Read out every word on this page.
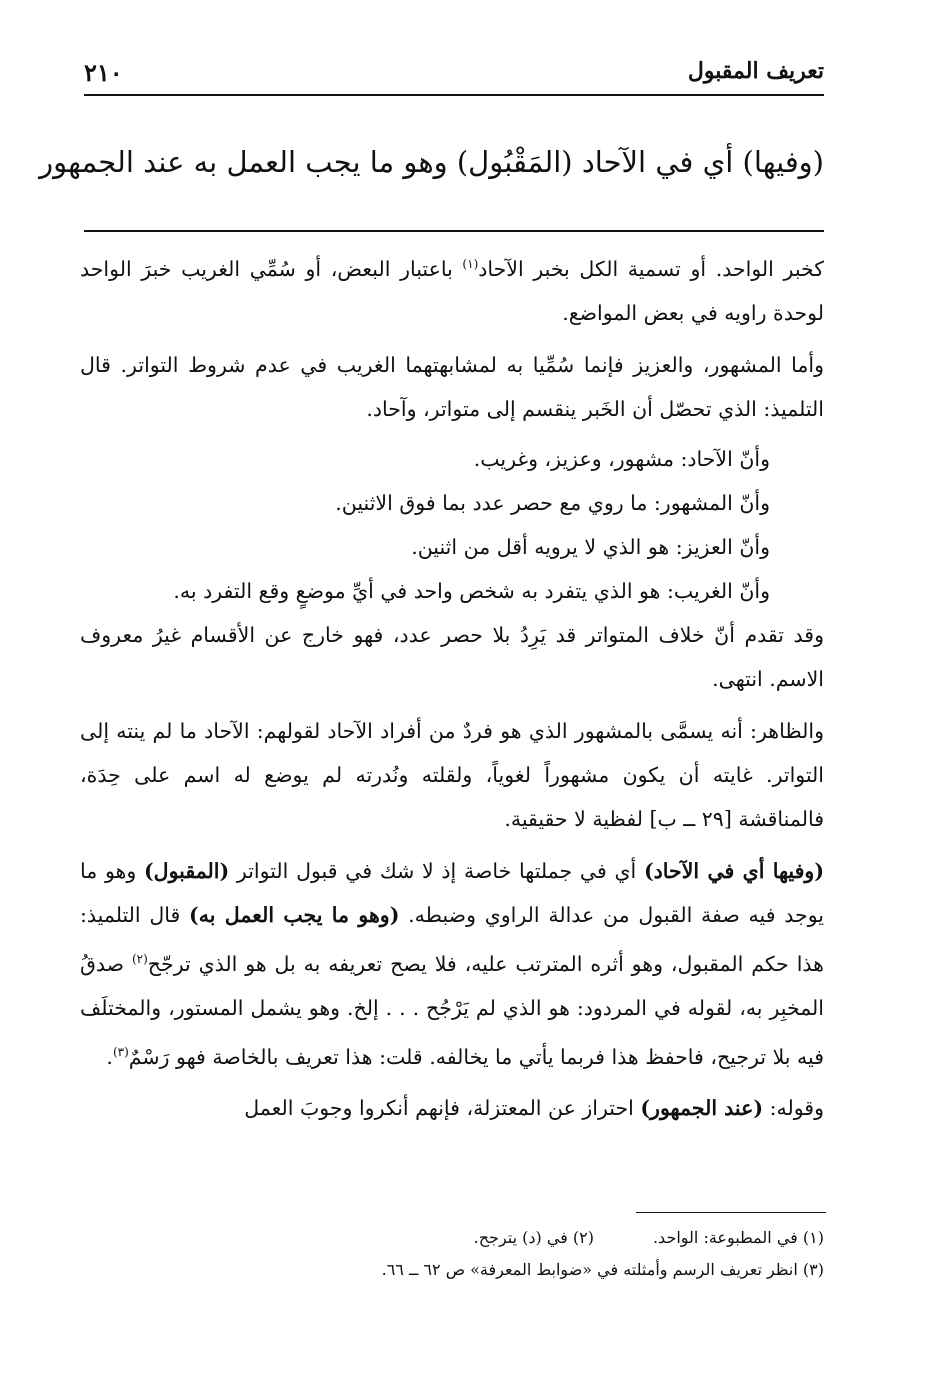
تعريف المقبول
٢١٠
(وفيها) أي في الآحاد (المَقْبُول) وهو ما يجب العمل به عند الجمهور

كخبر الواحد. أو تسمية الكل بخبر الآحاد$^{(١)}$ باعتبار البعض، أو سُمِّي الغريب خبرَ الواحد لوحدة راويه في بعض المواضع.

وأما المشهور، والعزيز فإنما سُمِّيا به لمشابهتهما الغريب في عدم شروط التواتر. قال التلميذ: الذي تحصّل أن الخَبر ينقسم إلى متواتر، وآحاد.

وأنّ الآحاد: مشهور، وعزيز، وغريب.

وأنّ المشهور: ما روي مع حصر عدد بما فوق الاثنين.

وأنّ العزيز: هو الذي لا يرويه أقل من اثنين.

وأنّ الغريب: هو الذي يتفرد به شخص واحد في أيِّ موضعٍ وقع التفرد به.

وقد تقدم أنّ خلاف المتواتر قد يَرِدُ بلا حصر عدد، فهو خارج عن الأقسام غيرُ معروف الاسم. انتهى.

والظاهر: أنه يسمَّى بالمشهور الذي هو فردٌ من أفراد الآحاد لقولهم: الآحاد ما لم ينته إلى التواتر. غايته أن يكون مشهوراً لغوياً، ولقلته ونُدرته لم يوضع له اسم على حِدَة، فالمناقشة [٢٩ ــ ب] لفظية لا حقيقية.

(وفيها أي في الآحاد) أي في جملتها خاصة إذ لا شك في قبول التواتر (المقبول) وهو ما يوجد فيه صفة القبول من عدالة الراوي وضبطه. (وهو ما يجب العمل به) قال التلميذ: هذا حكم المقبول، وهو أثره المترتب عليه، فلا يصح تعريفه به بل هو الذي ترجّح$^{(٢)}$ صدقُ المخبِر به، لقوله في المردود: هو الذي لم يَرْجُح . . . إلخ. وهو يشمل المستور، والمختلَف فيه بلا ترجيح، فاحفظ هذا فربما يأتي ما يخالفه. قلت: هذا تعريف بالخاصة فهو رَسْمٌ$^{(٣)}$.

وقوله: (عند الجمهور) احتراز عن المعتزلة، فإنهم أنكروا وجوبَ العمل

(١) في المطبوعة: الواحد.
(٢) في (د) يترجح.
(٣) انظر تعريف الرسم وأمثلته في «ضوابط المعرفة» ص ٦٢ ــ ٦٦.
